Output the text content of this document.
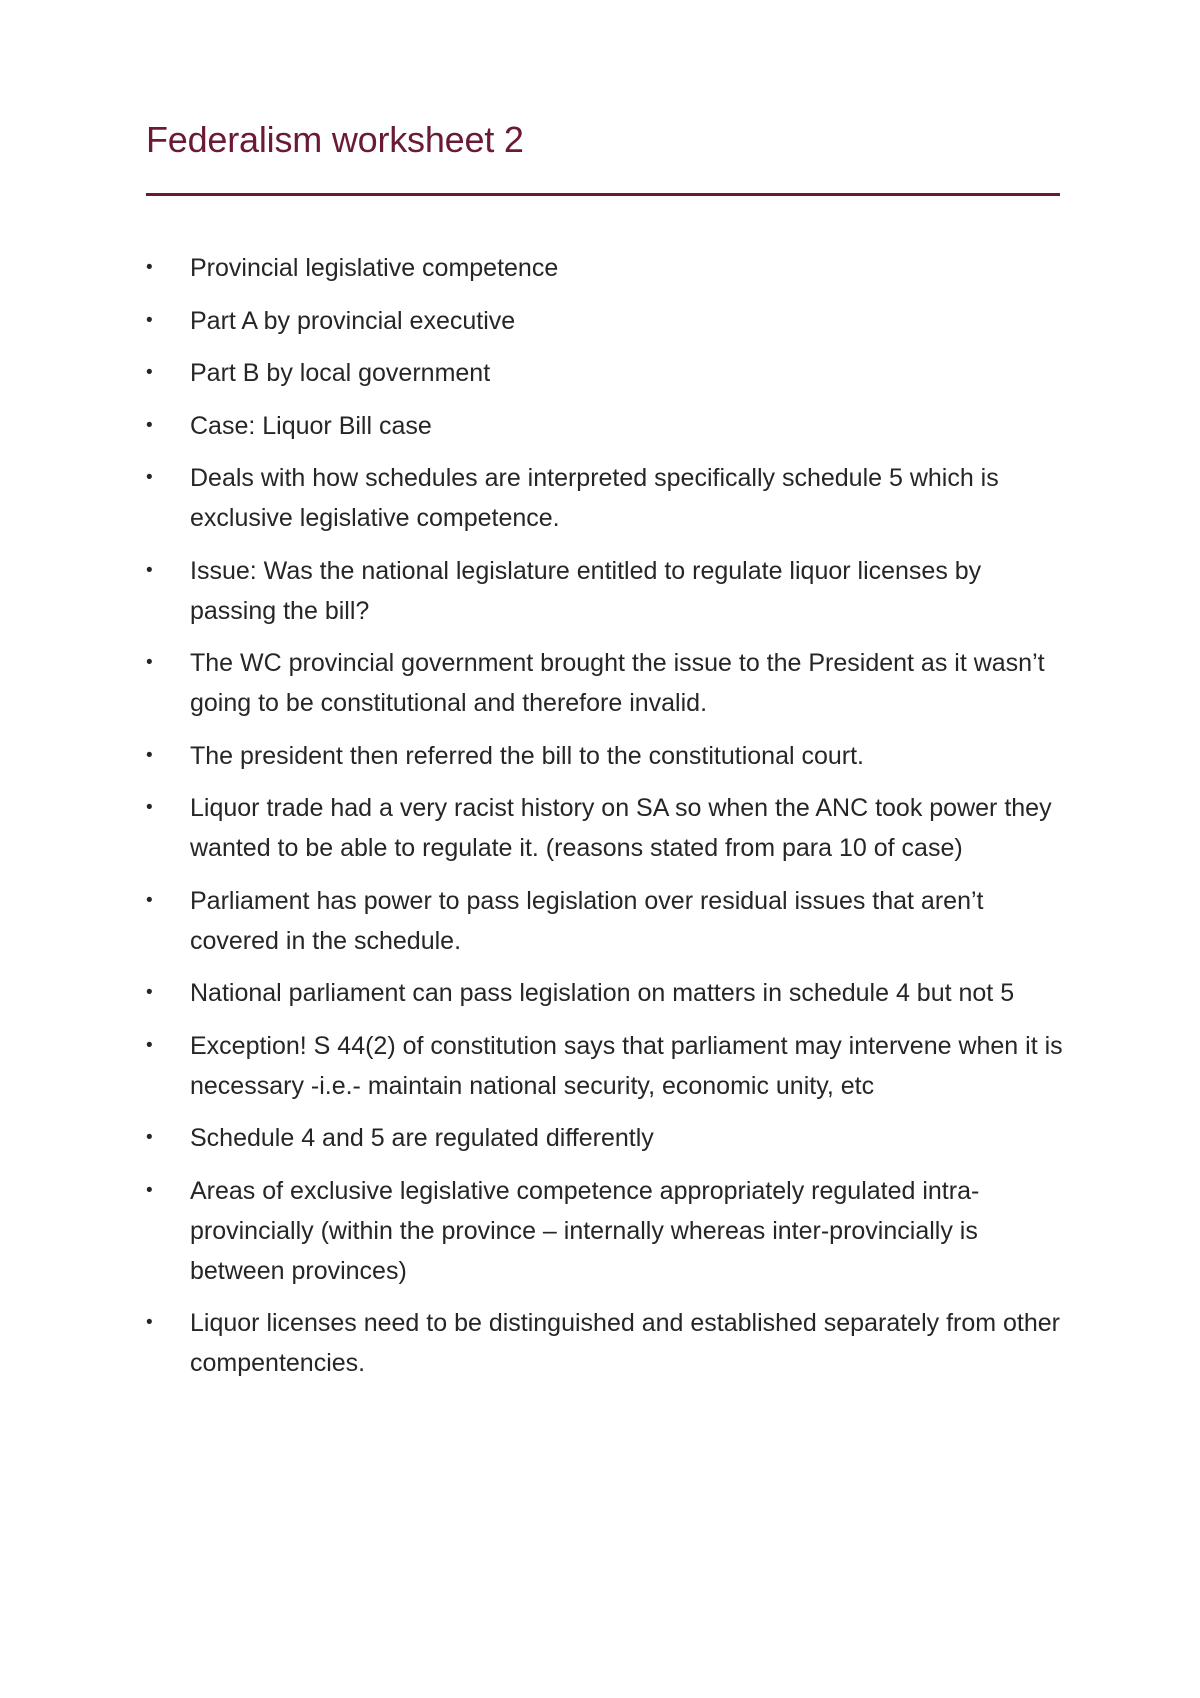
Federalism worksheet 2
•	Provincial legislative competence
•	Part A by provincial executive
•	Part B by local government
•	Case: Liquor Bill case
•	Deals with how schedules are interpreted specifically schedule 5 which is exclusive legislative competence.
•	Issue: Was the national legislature entitled to regulate liquor licenses by passing the bill?
•	The WC provincial government brought the issue to the President as it wasn’t going to be constitutional and therefore invalid.
•	The president then referred the bill to the constitutional court.
•	Liquor trade had a very racist history on SA so when the ANC took power they wanted to be able to regulate it. (reasons stated from para 10 of case)
•	Parliament has power to pass legislation over residual issues that aren’t covered in the schedule.
•	National parliament can pass legislation on matters in schedule 4 but not 5
•	Exception! S 44(2) of constitution says that parliament may intervene when it is necessary -i.e.- maintain national security, economic unity, etc
•	Schedule 4 and 5 are regulated differently
•	Areas of exclusive legislative competence appropriately regulated intra-provincially (within the province – internally whereas inter-provincially is between provinces)
•	Liquor licenses need to be distinguished and established separately from other compentencies.
